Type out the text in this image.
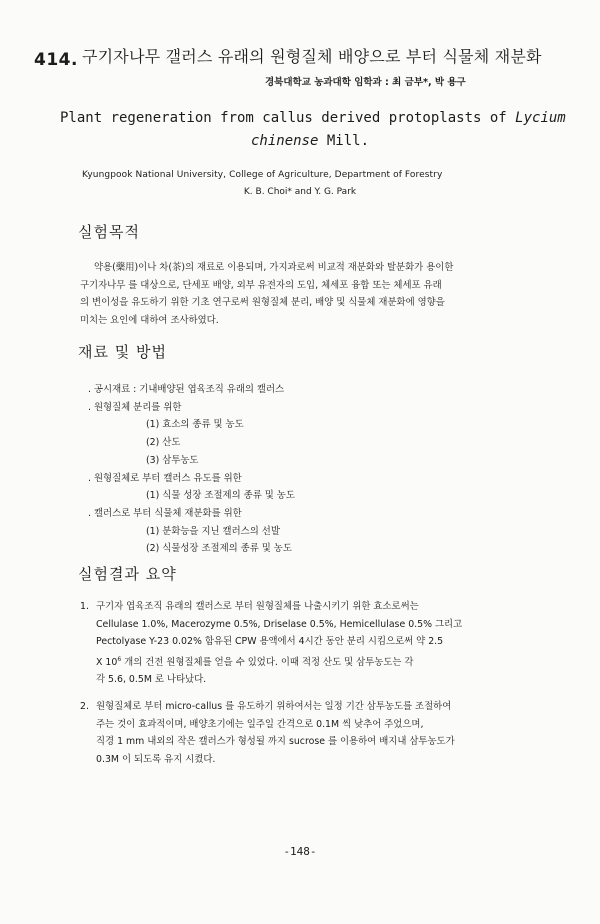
414. 구기자나무 갤러스 유래의 원형질체 배양으로 부터 식물체 재분화
경북대학교 농과대학 임학과 : 최 금부*, 박 용구
Plant regeneration from callus derived protoplasts of Lycium
chinense Mill.
Kyungpook National University, College of Agriculture, Department of Forestry
K. B. Choi* and Y. G. Park
실험목적
약용(藥用)이나 차(茶)의 재료로 이용되며, 가지과로써 비교적 재분화와 탈분화가 용이한
구기자나무 를 대상으로, 단세포 배양, 외부 유전자의 도입, 체세포 융합 또는 체세포 유래
의 변이성을 유도하기 위한 기초 연구로써 원형질체 분리, 배양 및 식물체 재분화에 영향을
미치는 요인에 대하여 조사하였다.
재료 및 방법
. 공시재료 : 기내배양된 엽육조직 유래의 캘러스
. 원형질체 분리를 위한
(1) 효소의 종류 및 농도
(2) 산도
(3) 삼투농도
. 원형질체로 부터 캘러스 유도를 위한
(1) 식물 성장 조절제의 종류 및 농도
. 캘러스로 부터 식물체 재분화를 위한
(1) 분화능을 지닌 캘러스의 선발
(2) 식물성장 조절제의 종류 및 농도
실험결과 요약
1. 구기자 엽육조직 유래의 캘러스로 부터 원형질체를 나출시키기 위한 효소로써는
Cellulase 1.0%, Macerozyme 0.5%, Driselase 0.5%, Hemicellulase 0.5% 그리고
Pectolyase Y-23 0.02% 함유된 CPW 용액에서 4시간 동안 분리 시킴으로써 약 2.5
X $10^6$ 개의 건전 원형질체를 얻을 수 있었다. 이때 적정 산도 및 삼투농도는 각
각 5.6, 0.5M 로 나타났다.
2. 원형질체로 부터 micro-callus 를 유도하기 위하여서는 일정 기간 삼투농도를 조절하여
주는 것이 효과적이며, 배양초기에는 일주일 간격으로 0.1M 씩 낮추어 주었으며,
직경 1 mm 내외의 작은 캘러스가 형성될 까지 sucrose 를 이용하여 배지내 삼투농도가
0.3M 이 되도록 유지 시켰다.
-148-
